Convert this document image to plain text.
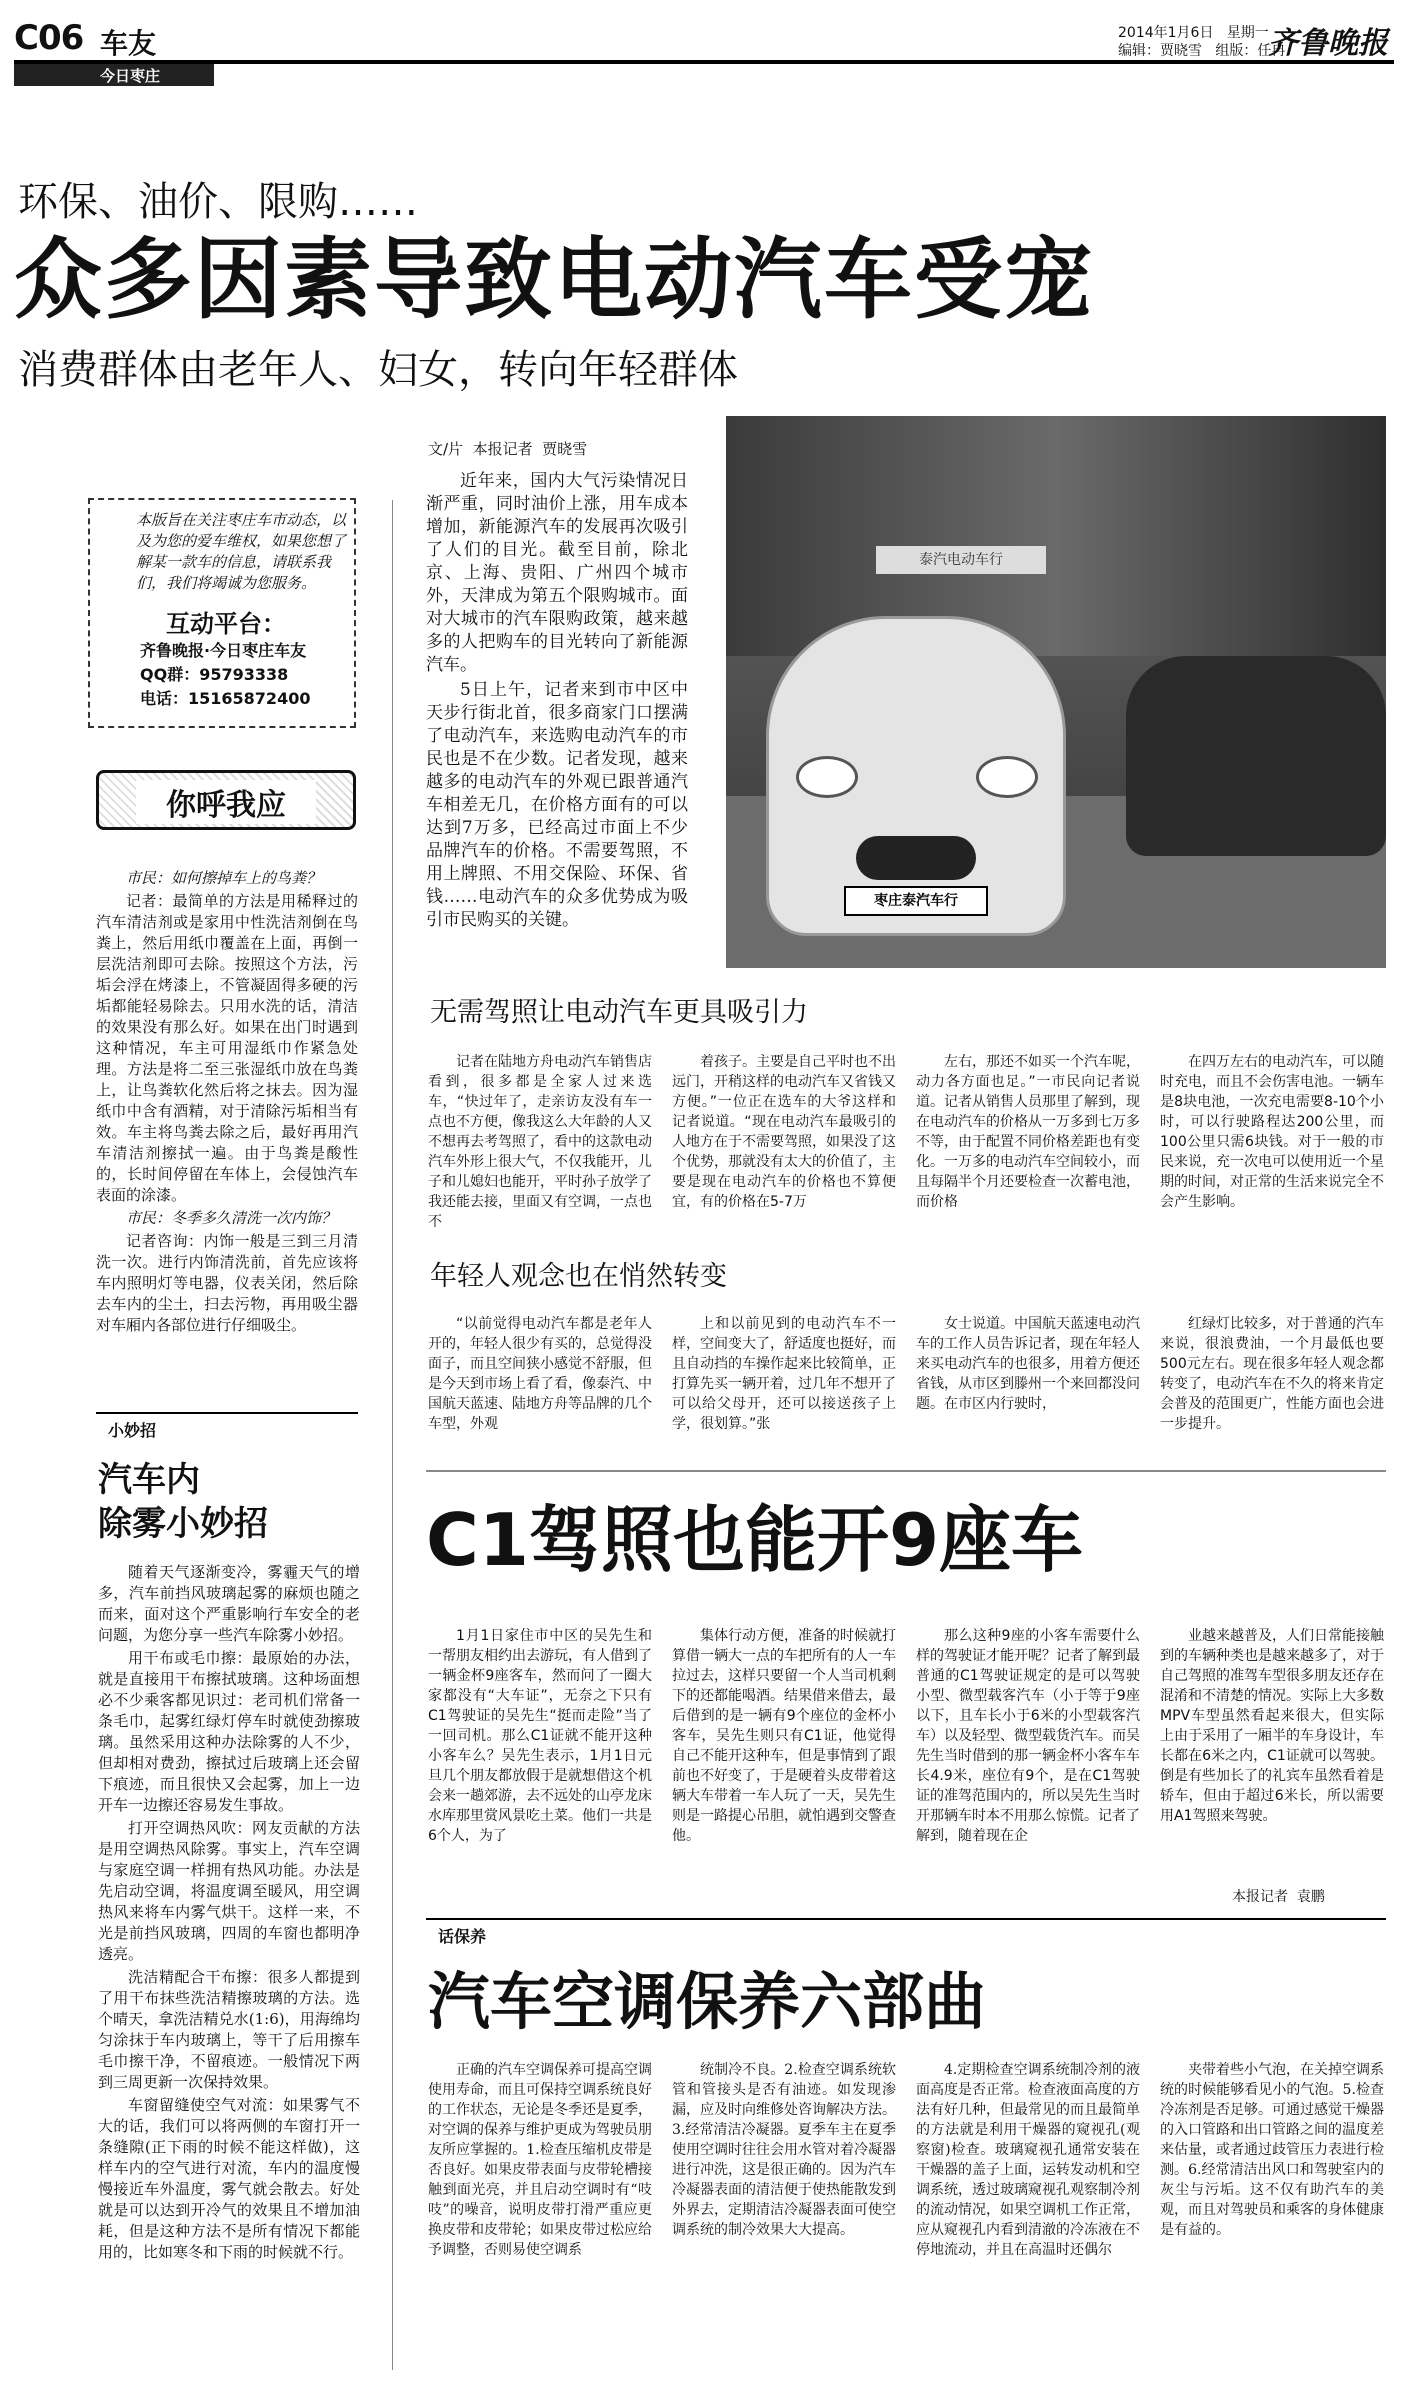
C06 车友
今日枣庄
2014年1月6日   星期一
编辑：贾晓雪   组版：任冉
齐鲁晚报
环保、油价、限购……
众多因素导致电动汽车受宠
消费群体由老年人、妇女，转向年轻群体
本版旨在关注枣庄车市动态，以及为您的爱车维权，如果您想了解某一款车的信息，请联系我们，我们将竭诚为您服务。
互动平台：
齐鲁晚报·今日枣庄车友
QQ群：95793338
电话：15165872400
你呼我应

市民：如何擦掉车上的鸟粪？

记者：最简单的方法是用稀释过的汽车清洁剂或是家用中性洗洁剂倒在鸟粪上，然后用纸巾覆盖在上面，再倒一层洗洁剂即可去除。按照这个方法，污垢会浮在烤漆上，不管凝固得多硬的污垢都能轻易除去。只用水洗的话，清洁的效果没有那么好。如果在出门时遇到这种情况，车主可用湿纸巾作紧急处理。方法是将二至三张湿纸巾放在鸟粪上，让鸟粪软化然后将之抹去。因为湿纸巾中含有酒精，对于清除污垢相当有效。车主将鸟粪去除之后，最好再用汽车清洁剂擦拭一遍。由于鸟粪是酸性的，长时间停留在车体上，会侵蚀汽车表面的涂漆。

市民：冬季多久清洗一次内饰？

记者咨询：内饰一般是三到三月清洗一次。进行内饰清洗前，首先应该将车内照明灯等电器，仪表关闭，然后除去车内的尘土，扫去污物，再用吸尘器对车厢内各部位进行仔细吸尘。

小妙招
汽车内
除雾小妙招

随着天气逐渐变冷，雾霾天气的增多，汽车前挡风玻璃起雾的麻烦也随之而来，面对这个严重影响行车安全的老问题，为您分享一些汽车除雾小妙招。

用干布或毛巾擦：最原始的办法，就是直接用干布擦拭玻璃。这种场面想必不少乘客都见识过：老司机们常备一条毛巾，起雾红绿灯停车时就使劲擦玻璃。虽然采用这种办法除雾的人不少，但却相对费劲，擦拭过后玻璃上还会留下痕迹，而且很快又会起雾，加上一边开车一边擦还容易发生事故。

打开空调热风吹：网友贡献的方法是用空调热风除雾。事实上，汽车空调与家庭空调一样拥有热风功能。办法是先启动空调，将温度调至暖风，用空调热风来将车内雾气烘干。这样一来，不光是前挡风玻璃，四周的车窗也都明净透亮。

洗洁精配合干布擦：很多人都提到了用干布抹些洗洁精擦玻璃的方法。选个晴天，拿洗洁精兑水(1:6)，用海绵均匀涂抹于车内玻璃上，等干了后用擦车毛巾擦干净，不留痕迹。一般情况下两到三周更新一次保持效果。

车窗留缝使空气对流：如果雾气不大的话，我们可以将两侧的车窗打开一条缝隙(正下雨的时候不能这样做)，这样车内的空气进行对流，车内的温度慢慢接近车外温度，雾气就会散去。好处就是可以达到开冷气的效果且不增加油耗，但是这种方法不是所有情况下都能用的，比如寒冬和下雨的时候就不行。

文/片  本报记者  贾晓雪

近年来，国内大气污染情况日渐严重，同时油价上涨，用车成本增加，新能源汽车的发展再次吸引了人们的目光。截至目前，除北京、上海、贵阳、广州四个城市外，天津成为第五个限购城市。面对大城市的汽车限购政策，越来越多的人把购车的目光转向了新能源汽车。

5日上午，记者来到市中区中天步行街北首，很多商家门口摆满了电动汽车，来选购电动汽车的市民也是不在少数。记者发现，越来越多的电动汽车的外观已跟普通汽车相差无几，在价格方面有的可以达到7万多，已经高过市面上不少品牌汽车的价格。不需要驾照，不用上牌照、不用交保险、环保、省钱……电动汽车的众多优势成为吸引市民购买的关键。

泰汽电动车行
枣庄泰汽车行
无需驾照让电动汽车更具吸引力

记者在陆地方舟电动汽车销售店看到，很多都是全家人过来选车，“快过年了，走亲访友没有车一点也不方便，像我这么大年龄的人又不想再去考驾照了，看中的这款电动汽车外形上很大气，不仅我能开，儿子和儿媳妇也能开，平时孙子放学了我还能去接，里面又有空调，一点也不

着孩子。主要是自己平时也不出远门，开稍这样的电动汽车又省钱又方便。”一位正在选车的大爷这样和记者说道。“现在电动汽车最吸引的人地方在于不需要驾照，如果没了这个优势，那就没有太大的价值了，主要是现在电动汽车的价格也不算便宜，有的价格在5-7万

左右，那还不如买一个汽车呢，动力各方面也足。”一市民向记者说道。记者从销售人员那里了解到，现在电动汽车的价格从一万多到七万多不等，由于配置不同价格差距也有变化。一万多的电动汽车空间较小，而且每隔半个月还要检查一次蓄电池，而价格

在四万左右的电动汽车，可以随时充电，而且不会伤害电池。一辆车是8块电池，一次充电需要8-10个小时，可以行驶路程达200公里，而100公里只需6块钱。对于一般的市民来说，充一次电可以使用近一个星期的时间，对正常的生活来说完全不会产生影响。

年轻人观念也在悄然转变

“以前觉得电动汽车都是老年人开的，年轻人很少有买的，总觉得没面子，而且空间狭小感觉不舒服，但是今天到市场上看了看，像泰汽、中国航天蓝速、陆地方舟等品牌的几个车型，外观

上和以前见到的电动汽车不一样，空间变大了，舒适度也挺好，而且自动挡的车操作起来比较简单，正打算先买一辆开着，过几年不想开了可以给父母开，还可以接送孩子上学，很划算。”张

女士说道。中国航天蓝速电动汽车的工作人员告诉记者，现在年轻人来买电动汽车的也很多，用着方便还省钱，从市区到滕州一个来回都没问题。在市区内行驶时，

红绿灯比较多，对于普通的汽车来说，很浪费油，一个月最低也要500元左右。现在很多年轻人观念都转变了，电动汽车在不久的将来肯定会普及的范围更广，性能方面也会进一步提升。

C1驾照也能开9座车

1月1日家住市中区的吴先生和一帮朋友相约出去游玩，有人借到了一辆金杯9座客车，然而问了一圈大家都没有“大车证”，无奈之下只有C1驾驶证的吴先生“挺而走险”当了一回司机。那么C1证就不能开这种小客车么？吴先生表示，1月1日元旦几个朋友都放假于是就想借这个机会来一趟郊游，去不远处的山亭龙床水库那里赏风景吃土菜。他们一共是6个人，为了

集体行动方便，准备的时候就打算借一辆大一点的车把所有的人一车拉过去，这样只要留一个人当司机剩下的还都能喝酒。结果借来借去，最后借到的是一辆有9个座位的金杯小客车，吴先生则只有C1证，他觉得自己不能开这种车，但是事情到了跟前也不好变了，于是硬着头皮带着这辆大车带着一车人玩了一天，吴先生则是一路提心吊胆，就怕遇到交警查他。

那么这种9座的小客车需要什么样的驾驶证才能开呢？记者了解到最普通的C1驾驶证规定的是可以驾驶小型、微型载客汽车（小于等于9座以下，且车长小于6米的小型载客汽车）以及轻型、微型载货汽车。而吴先生当时借到的那一辆金杯小客车车长4.9米，座位有9个，是在C1驾驶证的准驾范围内的，所以吴先生当时开那辆车时本不用那么惊慌。记者了解到，随着现在企

业越来越普及，人们日常能接触到的车辆种类也是越来越多了，对于自己驾照的准驾车型很多朋友还存在混淆和不清楚的情况。实际上大多数MPV车型虽然看起来很大，但实际上由于采用了一厢半的车身设计，车长都在6米之内，C1证就可以驾驶。倒是有些加长了的礼宾车虽然看着是轿车，但由于超过6米长，所以需要用A1驾照来驾驶。

本报记者  袁鹏
话保养
汽车空调保养六部曲

正确的汽车空调保养可提高空调使用寿命，而且可保持空调系统良好的工作状态，无论是冬季还是夏季，对空调的保养与维护更成为驾驶员朋友所应掌握的。1.检查压缩机皮带是否良好。如果皮带表面与皮带轮槽接触到面光亮，并且启动空调时有“吱吱”的噪音，说明皮带打滑严重应更换皮带和皮带轮；如果皮带过松应给予调整，否则易使空调系

统制冷不良。2.检查空调系统软管和管接头是否有油迹。如发现渗漏，应及时向维修处咨询解决方法。3.经常清洁冷凝器。夏季车主在夏季使用空调时往往会用水管对着冷凝器进行冲洗，这是很正确的。因为汽车冷凝器表面的清洁便于使热能散发到外界去，定期清洁冷凝器表面可使空调系统的制冷效果大大提高。

4.定期检查空调系统制冷剂的液面高度是否正常。检查液面高度的方法有好几种，但最常见的而且最简单的方法就是利用干燥器的窥视孔(观察窗)检查。玻璃窥视孔通常安装在干燥器的盖子上面，运转发动机和空调系统，透过玻璃窥视孔观察制冷剂的流动情况，如果空调机工作正常，应从窥视孔内看到清澈的冷冻液在不停地流动，并且在高温时还偶尔

夹带着些小气泡，在关掉空调系统的时候能够看见小的气泡。5.检查冷冻剂是否足够。可通过感觉干燥器的入口管路和出口管路之间的温度差来估量，或者通过歧管压力表进行检测。6.经常清洁出风口和驾驶室内的灰尘与污垢。这不仅有助汽车的美观，而且对驾驶员和乘客的身体健康是有益的。
